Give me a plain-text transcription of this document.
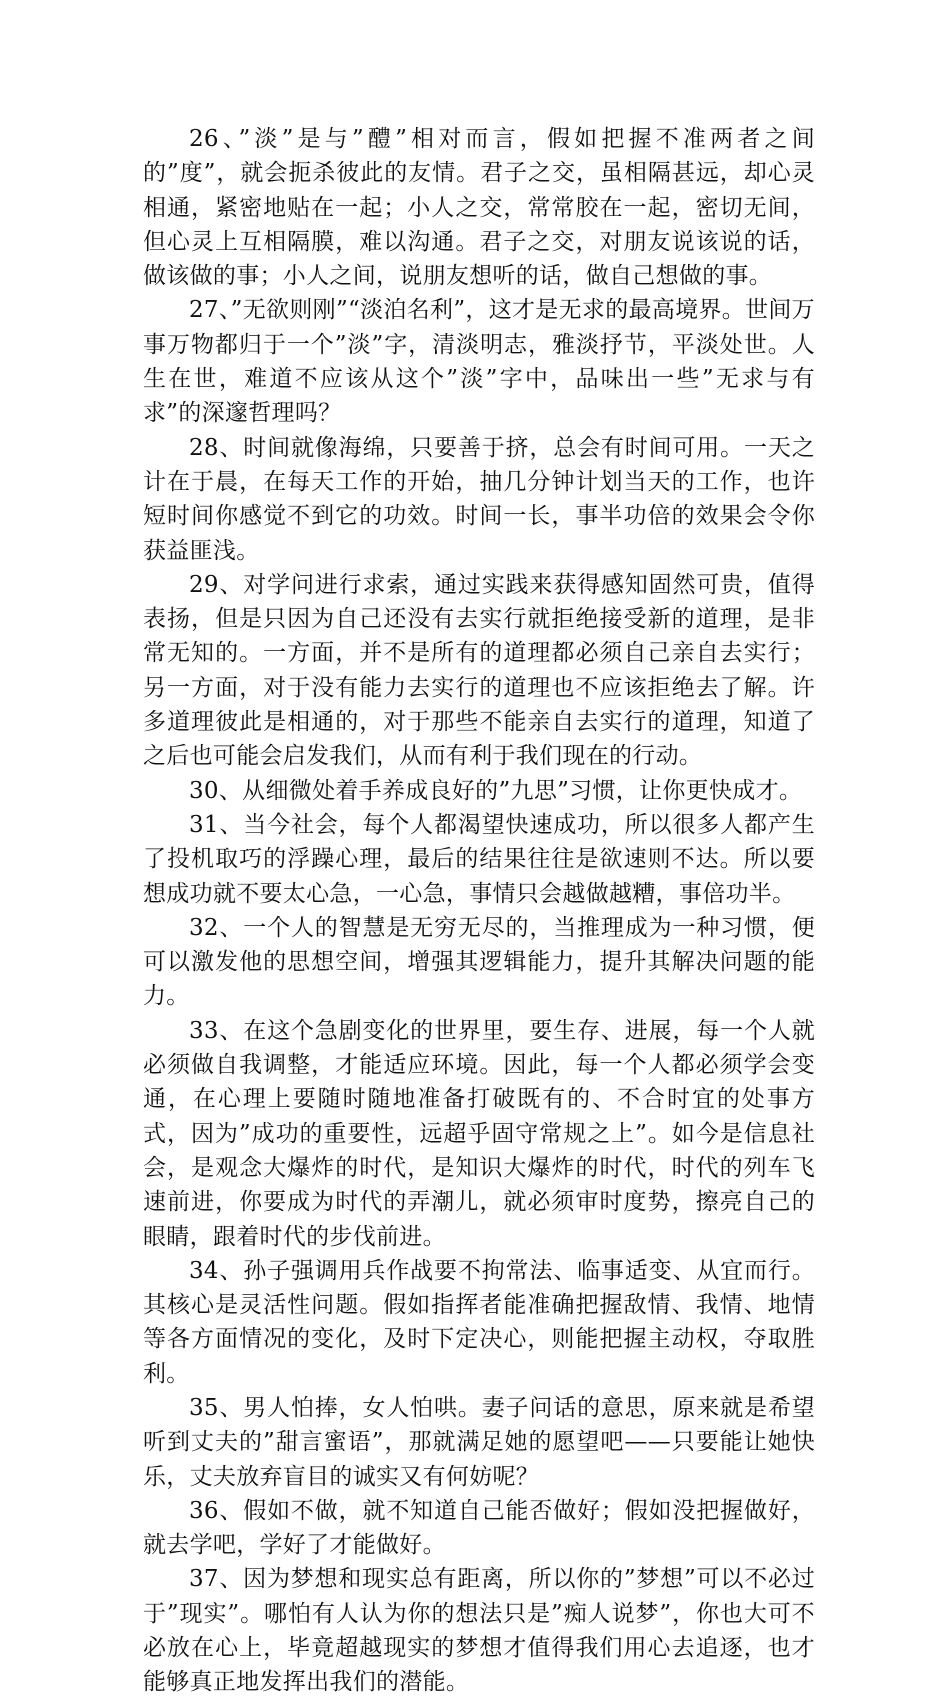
26、”淡”是与”醴”相对而言，假如把握不准两者之间的”度”，就会扼杀彼此的友情。君子之交，虽相隔甚远，却心灵相通，紧密地贴在一起；小人之交，常常胶在一起，密切无间，但心灵上互相隔膜，难以沟通。君子之交，对朋友说该说的话，做该做的事；小人之间，说朋友想听的话，做自己想做的事。

27、”无欲则刚”“淡泊名利”，这才是无求的最高境界。世间万事万物都归于一个”淡”字，清淡明志，雅淡抒节，平淡处世。人生在世，难道不应该从这个”淡”字中，品味出一些”无求与有求”的深邃哲理吗？

28、时间就像海绵，只要善于挤，总会有时间可用。一天之计在于晨，在每天工作的开始，抽几分钟计划当天的工作，也许短时间你感觉不到它的功效。时间一长，事半功倍的效果会令你获益匪浅。

29、对学问进行求索，通过实践来获得感知固然可贵，值得表扬，但是只因为自己还没有去实行就拒绝接受新的道理，是非常无知的。一方面，并不是所有的道理都必须自己亲自去实行；另一方面，对于没有能力去实行的道理也不应该拒绝去了解。许多道理彼此是相通的，对于那些不能亲自去实行的道理，知道了之后也可能会启发我们，从而有利于我们现在的行动。

30、从细微处着手养成良好的”九思”习惯，让你更快成才。

31、当今社会，每个人都渴望快速成功，所以很多人都产生了投机取巧的浮躁心理，最后的结果往往是欲速则不达。所以要想成功就不要太心急，一心急，事情只会越做越糟，事倍功半。

32、一个人的智慧是无穷无尽的，当推理成为一种习惯，便可以激发他的思想空间，增强其逻辑能力，提升其解决问题的能力。

33、在这个急剧变化的世界里，要生存、进展，每一个人就必须做自我调整，才能适应环境。因此，每一个人都必须学会变通，在心理上要随时随地准备打破既有的、不合时宜的处事方式，因为”成功的重要性，远超乎固守常规之上”。如今是信息社会，是观念大爆炸的时代，是知识大爆炸的时代，时代的列车飞速前进，你要成为时代的弄潮儿，就必须审时度势，擦亮自己的眼睛，跟着时代的步伐前进。

34、孙子强调用兵作战要不拘常法、临事适变、从宜而行。其核心是灵活性问题。假如指挥者能准确把握敌情、我情、地情等各方面情况的变化，及时下定决心，则能把握主动权，夺取胜利。

35、男人怕捧，女人怕哄。妻子问话的意思，原来就是希望听到丈夫的”甜言蜜语”，那就满足她的愿望吧——只要能让她快乐，丈夫放弃盲目的诚实又有何妨呢？

36、假如不做，就不知道自己能否做好；假如没把握做好，就去学吧，学好了才能做好。

37、因为梦想和现实总有距离，所以你的”梦想”可以不必过于”现实”。哪怕有人认为你的想法只是”痴人说梦”，你也大可不必放在心上，毕竟超越现实的梦想才值得我们用心去追逐，也才能够真正地发挥出我们的潜能。
